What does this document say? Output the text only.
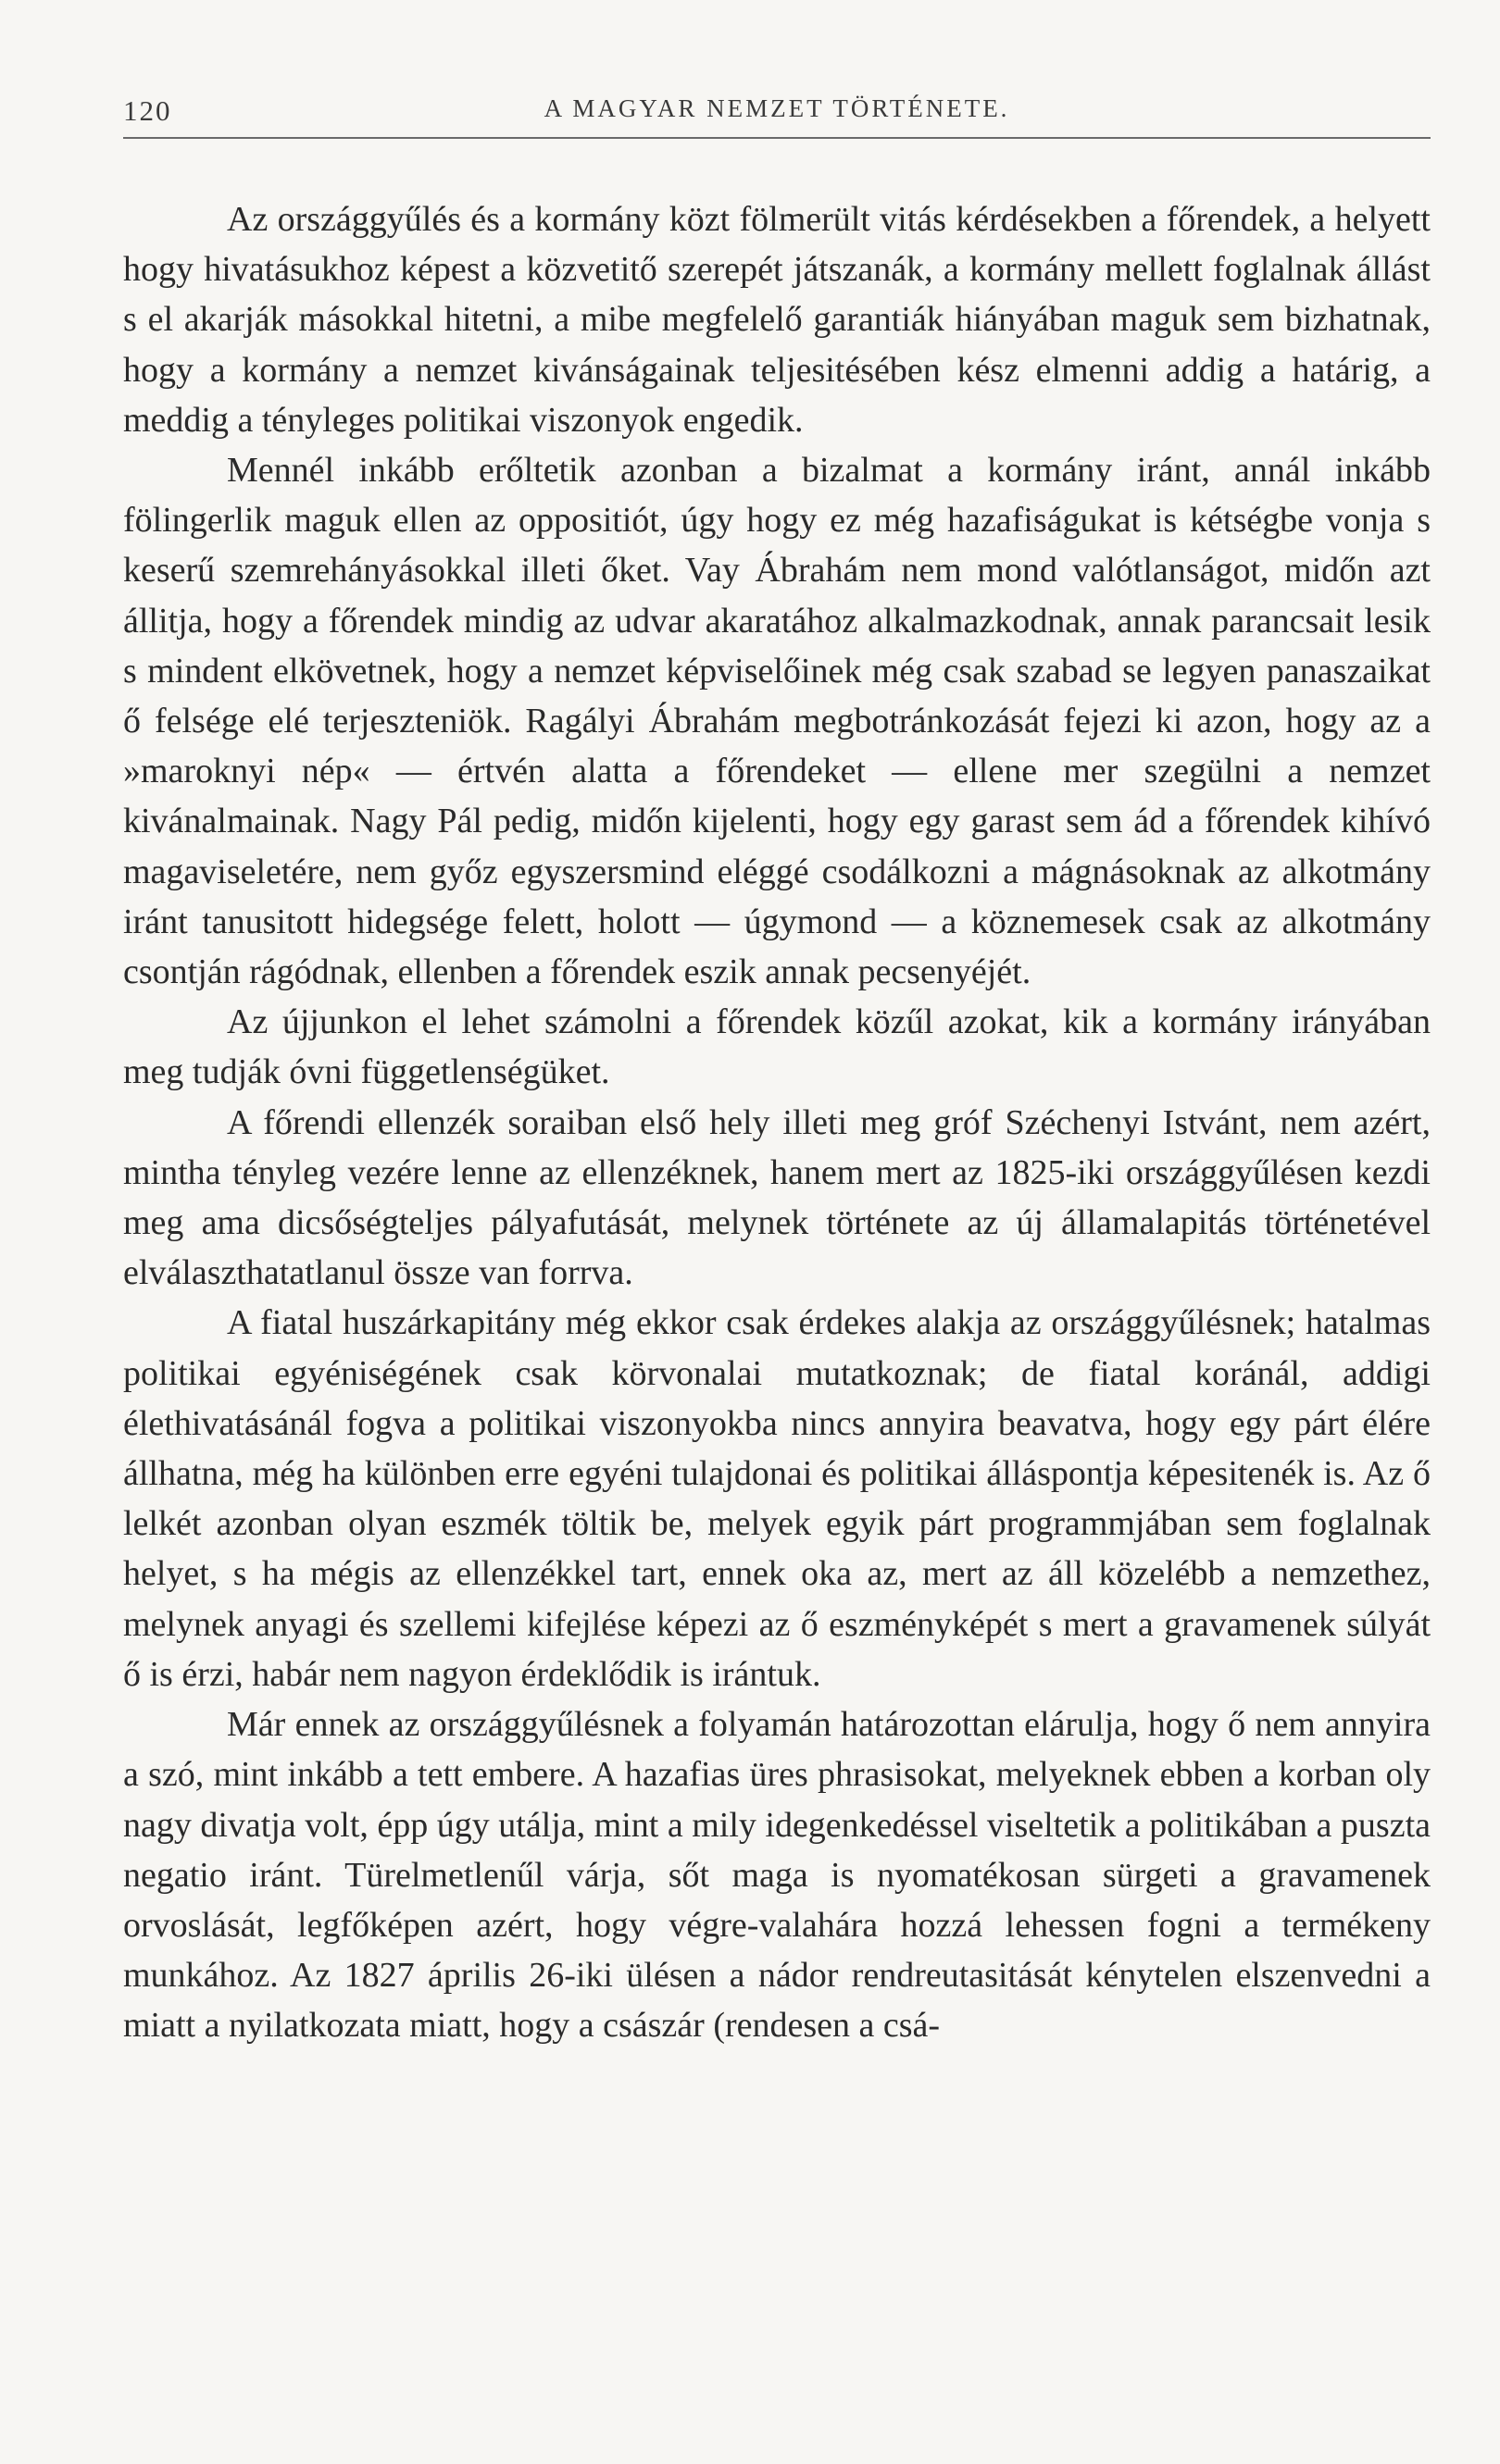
120	A MAGYAR NEMZET TÖRTÉNETE.

Az országgyűlés és a kormány közt fölmerült vitás kérdésekben a főrendek, a helyett hogy hivatásukhoz képest a közvetitő szerepét játszanák, a kormány mellett foglalnak állást s el akarják másokkal hitetni, a mibe megfelelő garantiák hiányában maguk sem bizhatnak, hogy a kormány a nemzet kivánságainak teljesitésében kész elmenni addig a határig, a meddig a tényleges politikai viszonyok engedik.

Mennél inkább erőltetik azonban a bizalmat a kormány iránt, annál inkább fölingerlik maguk ellen az oppositiót, úgy hogy ez még hazafiságukat is kétségbe vonja s keserű szemrehányásokkal illeti őket. Vay Ábrahám nem mond valótlanságot, midőn azt állitja, hogy a főrendek mindig az udvar akaratához alkalmazkodnak, annak parancsait lesik s mindent elkövetnek, hogy a nemzet képviselőinek még csak szabad se legyen panaszaikat ő felsége elé terjeszteniök. Ragályi Ábrahám megbotránkozását fejezi ki azon, hogy az a »maroknyi nép« — értvén alatta a főrendeket — ellene mer szegülni a nemzet kivánalmainak. Nagy Pál pedig, midőn kijelenti, hogy egy garast sem ád a főrendek kihívó magaviseletére, nem győz egyszersmind eléggé csodálkozni a mágnásoknak az alkotmány iránt tanusitott hidegsége felett, holott — úgymond — a köznemesek csak az alkotmány csontján rágódnak, ellenben a főrendek eszik annak pecsenyéjét.

Az újjunkon el lehet számolni a főrendek közűl azokat, kik a kormány irányában meg tudják óvni függetlenségüket.

A főrendi ellenzék soraiban első hely illeti meg gróf Széchenyi Istvánt, nem azért, mintha tényleg vezére lenne az ellenzéknek, hanem mert az 1825-iki országgyűlésen kezdi meg ama dicsőségteljes pályafutását, melynek története az új államalapitás történetével elválaszthatatlanul össze van forrva.

A fiatal huszárkapitány még ekkor csak érdekes alakja az országgyűlésnek; hatalmas politikai egyéniségének csak körvonalai mutatkoznak; de fiatal koránál, addigi élethivatásánál fogva a politikai viszonyokba nincs annyira beavatva, hogy egy párt élére állhatna, még ha különben erre egyéni tulajdonai és politikai álláspontja képesitenék is. Az ő lelkét azonban olyan eszmék töltik be, melyek egyik párt programmjában sem foglalnak helyet, s ha mégis az ellenzékkel tart, ennek oka az, mert az áll közelébb a nemzethez, melynek anyagi és szellemi kifejlése képezi az ő eszményképét s mert a gravamenek súlyát ő is érzi, habár nem nagyon érdeklődik is irántuk.

Már ennek az országgyűlésnek a folyamán határozottan elárulja, hogy ő nem annyira a szó, mint inkább a tett embere. A hazafias üres phrasisokat, melyeknek ebben a korban oly nagy divatja volt, épp úgy utálja, mint a mily idegenkedéssel viseltetik a politikában a puszta negatio iránt. Türelmetlenűl várja, sőt maga is nyomatékosan sürgeti a gravamenek orvoslását, legfőképen azért, hogy végre-valahára hozzá lehessen fogni a termékeny munkához. Az 1827 április 26-iki ülésen a nádor rendreutasitását kénytelen elszenvedni a miatt a nyilatkozata miatt, hogy a császár (rendesen a csá-
